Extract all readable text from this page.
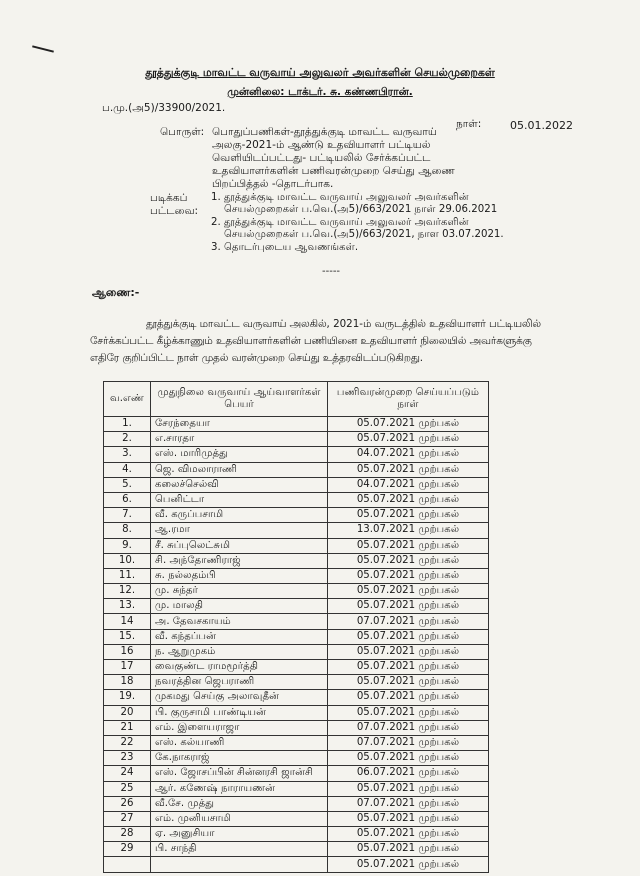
தூத்துக்குடி மாவட்ட வருவாய் அலுவலர் அவர்களின் செயல்முறைகள்
முன்னிலை: டாக்டர். சு. கண்ணபிரான்.
ப.மு.(அ5)/33900/2021.
நாள்:	05.01.2022
பொருள்: பொதுப்பணிகள்-தூத்துக்குடி மாவட்ட வருவாய் அலகு-2021-ம் ஆண்டு உதவியாளர் பட்டியல் வெளியிடப்பட்டது- பட்டியலில் சேர்க்கப்பட்ட உதவியாளர்களின் பணிவரன்முறை செய்து ஆணை பிறப்பித்தல் -தொடர்பாக.
படிக்கப் பட்டவை:
1. தூத்துக்குடி மாவட்ட வருவாய் அலுவலர் அவர்களின் செயல்முறைகள் ப.வெ.(அ5)/663/2021 நாள் 29.06.2021
2. தூத்துக்குடி மாவட்ட வருவாய் அலுவலர் அவர்களின் செயல்முறைகள் ப.வெ.(அ5)/663/2021, நாள 03.07.2021.
3. தொடர்புடைய ஆவணங்கள்.
-----
ஆணை:-
தூத்துக்குடி மாவட்ட வருவாய் அலகில், 2021-ம் வருடத்தில் உதவியாளர் பட்டியலில் சேர்க்கப்பட்ட கீழ்க்காணும் உதவியாளர்களின் பணியினை உதவியாளர் நிலையில் அவர்களுக்கு எதிரே குறிப்பிட்ட நாள் முதல் வரன்முறை செய்து உத்தரவிடப்படுகிறது.
வ.எண்	முதுநிலை வருவாய் ஆய்வாளர்கள் பெயர்	பணிவரன்முறை செய்யப்படும் நாள்
1.	சேரந்தையா	05.07.2021 முற்பகல்
2.	எ.சாரதா	05.07.2021 முற்பகல்
3.	எஸ். மாரிமுத்து	04.07.2021 முற்பகல்
4.	ஜெ. விமலாராணி	05.07.2021 முற்பகல்
5.	கலைச்செல்வி	04.07.2021 முற்பகல்
6.	பெனிட்டா	05.07.2021 முற்பகல்
7.	வீ. கருப்பசாமி	05.07.2021 முற்பகல்
8.	ஆ.ரமா	13.07.2021 முற்பகல்
9.	சீ. சுப்புலெட்சுமி	05.07.2021 முற்பகல்
10.	சி. அந்தோணிராஜ்	05.07.2021 முற்பகல்
11.	சு. நல்லதம்பி	05.07.2021 முற்பகல்
12.	மு. சுந்தர்	05.07.2021 முற்பகல்
13.	மு. மாலதி	05.07.2021 முற்பகல்
14	அ. தேவசகாயம்	07.07.2021 முற்பகல்
15.	வீ. கந்தப்பன்	05.07.2021 முற்பகல்
16	ந. ஆறுமுகம்	05.07.2021 முற்பகல்
17	வைகுண்ட ராமமூர்த்தி	05.07.2021 முற்பகல்
18	நவரத்தின ஜெபராணி	05.07.2021 முற்பகல்
19.	முகமது செய்கு அலாவுதீன்	05.07.2021 முற்பகல்
20	பி. குருசாமி பாண்டியன்	05.07.2021 முற்பகல்
21	எம். இளையராஜா	07.07.2021 முற்பகல்
22	எஸ். கல்யாணி	07.07.2021 முற்பகல்
23	கே.நாகராஜ்	05.07.2021 முற்பகல்
24	எஸ். ஜோசப்பின் சின்னரசி ஜான்சி	06.07.2021 முற்பகல்
25	ஆர். கணேஷ் நாராயணன்	05.07.2021 முற்பகல்
26	வீ.சே. முத்து	07.07.2021 முற்பகல்
27	எம். முனியசாமி	05.07.2021 முற்பகல்
28	ஏ. அனுசியா	05.07.2021 முற்பகல்
29	பி. சாந்தி	05.07.2021 முற்பகல்
		05.07.2021 முற்பகல்
